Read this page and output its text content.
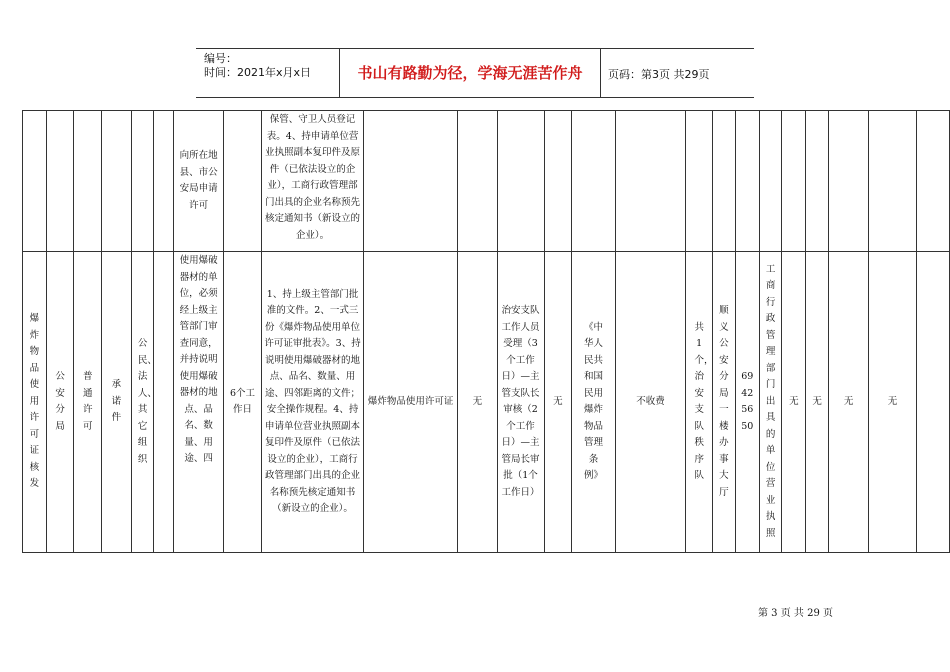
编号：
时间：2021年x月x日	书山有路勤为径，学海无涯苦作舟	页码：第3页 共29页

						向所在地县、市公安局申请许可		保管、守卫人员登记表。4、持申请单位营业执照副本复印件及原件（已依法设立的企业），工商行政管理部门出具的企业名称预先核定通知书（新设立的企业）。															

爆炸物品使用许可证核发	公安分局	普通许可	承诺件	公民、法人、其它组织		使用爆破器材的单位，必须经上级主管部门审查同意，并持说明使用爆破器材的地点、品名、数量、用途、四	6个工作日	1、持上级主管部门批准的文件。2、一式三份《爆炸物品使用单位许可证审批表》。3、持说明使用爆破器材的地点、品名、数量、用途、四邻距离的文件；安全操作规程。4、持申请单位营业执照副本复印件及原件（已依法设立的企业），工商行政管理部门出具的企业名称预先核定通知书（新设立的企业）。	爆炸物品使用许可证	无	治安支队工作人员受理（3个工作日）—主管支队长审核（2个工作日）—主管局长审批（1个工作日）	无	《中华人民共和国民用爆炸物品管理条例》	不收费	共1个，治安支队秩序队	顺义公安分局一楼办事大厅	69425650	工商行政管理部门出具的单位营业执照	无	无	无	无	
第 3 页 共 29 页
